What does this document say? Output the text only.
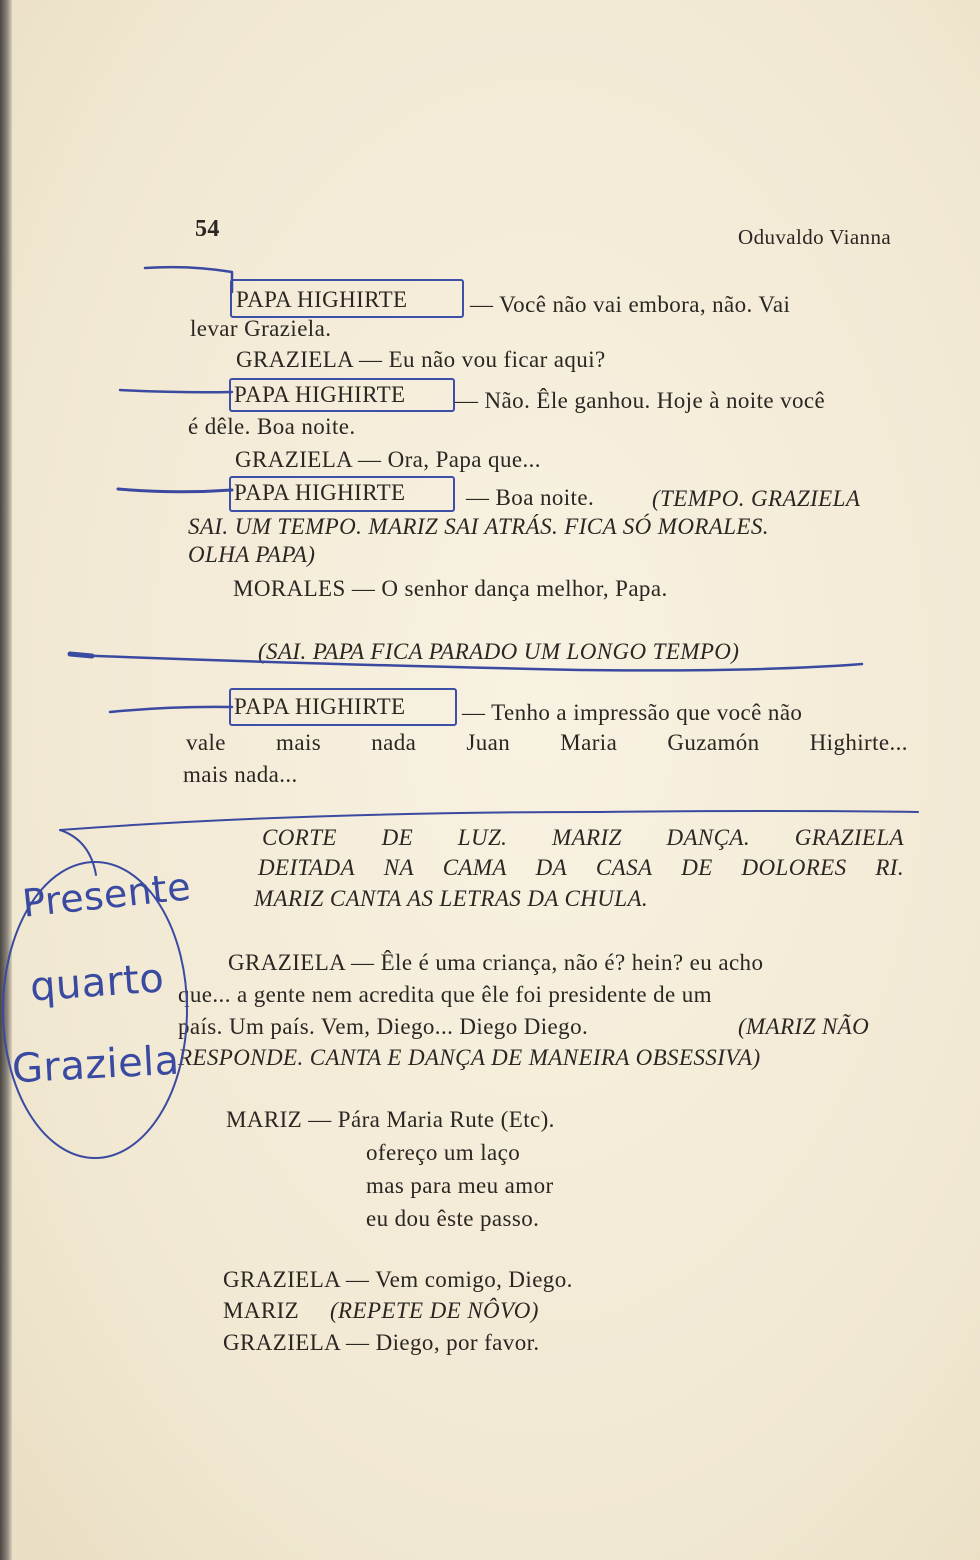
54	Oduvaldo Vianna
PAPA HIGHIRTE	— Você não vai embora, não. Vai
levar Graziela.
GRAZIELA — Eu não vou ficar aqui?
PAPA HIGHIRTE — Não. Êle ganhou. Hoje à noite você
é dêle. Boa noite.
GRAZIELA — Ora, Papa que...
PAPA HIGHIRTE	— Boa noite.	(TEMPO. GRAZIELA
SAI. UM TEMPO. MARIZ SAI ATRÁS. FICA SÓ MORALES.
OLHA PAPA)
MORALES — O senhor dança melhor, Papa.
(SAI. PAPA FICA PARADO UM LONGO TEMPO)
PAPA HIGHIRTE — Tenho a impressão que você não
vale mais nada Juan Maria Guzamón Highirte...
mais nada...
CORTE DE LUZ. MARIZ DANÇA. GRAZIELA
DEITADA NA CAMA DA CASA DE DOLORES RI.
MARIZ CANTA AS LETRAS DA CHULA.
GRAZIELA — Êle é uma criança, não é? hein? eu acho
que... a gente nem acredita que êle foi presidente de um
país. Um país. Vem, Diego... Diego Diego.	(MARIZ NÃO
RESPONDE. CANTA E DANÇA DE MANEIRA OBSESSIVA)
MARIZ — Pára Maria Rute (Etc).
ofereço um laço
mas para meu amor
eu dou êste passo.
GRAZIELA — Vem comigo, Diego.
MARIZ (REPETE DE NÔVO)
GRAZIELA — Diego, por favor.
Presente
quarto
Graziela
